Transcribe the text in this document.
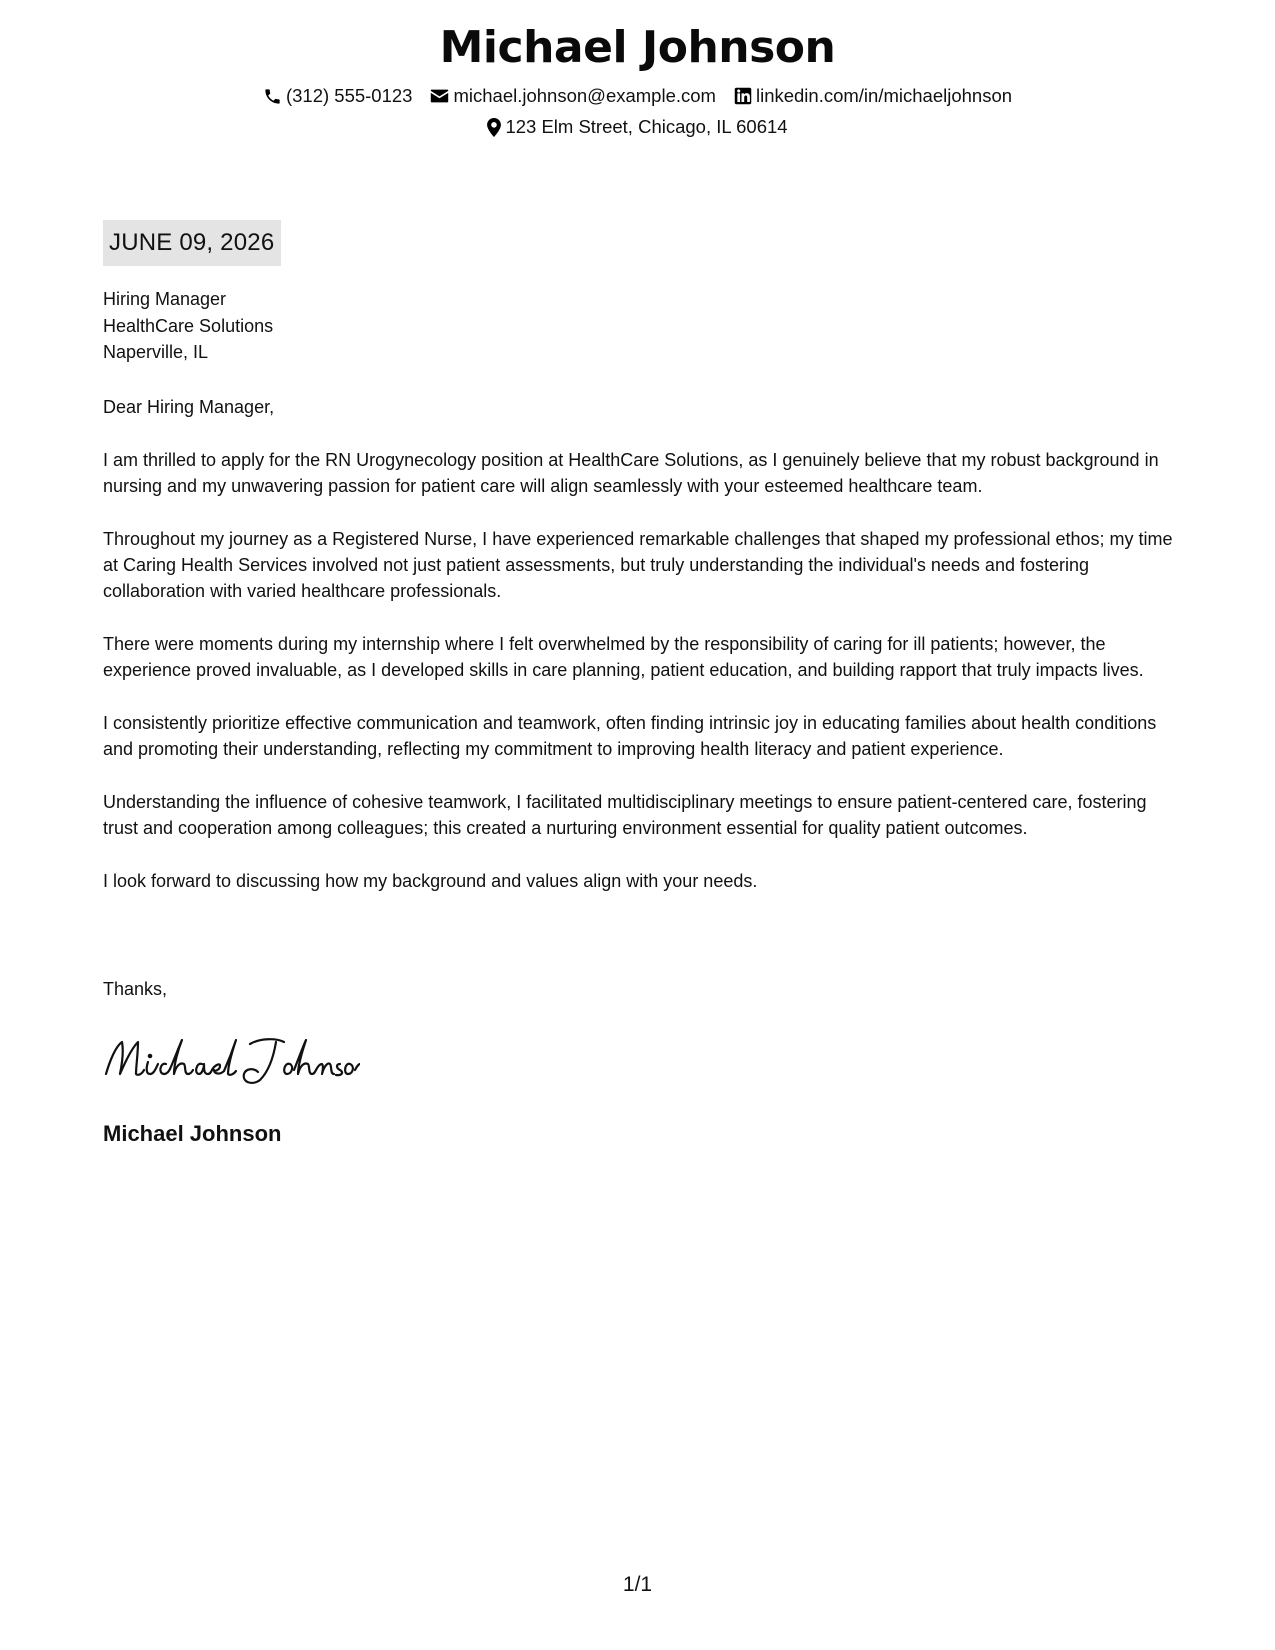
Michael Johnson
(312) 555-0123 michael.johnson@example.com linkedin.com/in/michaeljohnson
123 Elm Street, Chicago, IL 60614
JUNE 09, 2026
Hiring Manager
HealthCare Solutions
Naperville, IL

Dear Hiring Manager,

I am thrilled to apply for the RN Urogynecology position at HealthCare Solutions, as I genuinely believe that my robust background in nursing and my unwavering passion for patient care will align seamlessly with your esteemed healthcare team.

Throughout my journey as a Registered Nurse, I have experienced remarkable challenges that shaped my professional ethos; my time at Caring Health Services involved not just patient assessments, but truly understanding the individual's needs and fostering collaboration with varied healthcare professionals.

There were moments during my internship where I felt overwhelmed by the responsibility of caring for ill patients; however, the experience proved invaluable, as I developed skills in care planning, patient education, and building rapport that truly impacts lives.

I consistently prioritize effective communication and teamwork, often finding intrinsic joy in educating families about health conditions and promoting their understanding, reflecting my commitment to improving health literacy and patient experience.

Understanding the influence of cohesive teamwork, I facilitated multidisciplinary meetings to ensure patient-centered care, fostering trust and cooperation among colleagues; this created a nurturing environment essential for quality patient outcomes.

I look forward to discussing how my background and values align with your needs.

Thanks,
Michael Johnson
1/1
